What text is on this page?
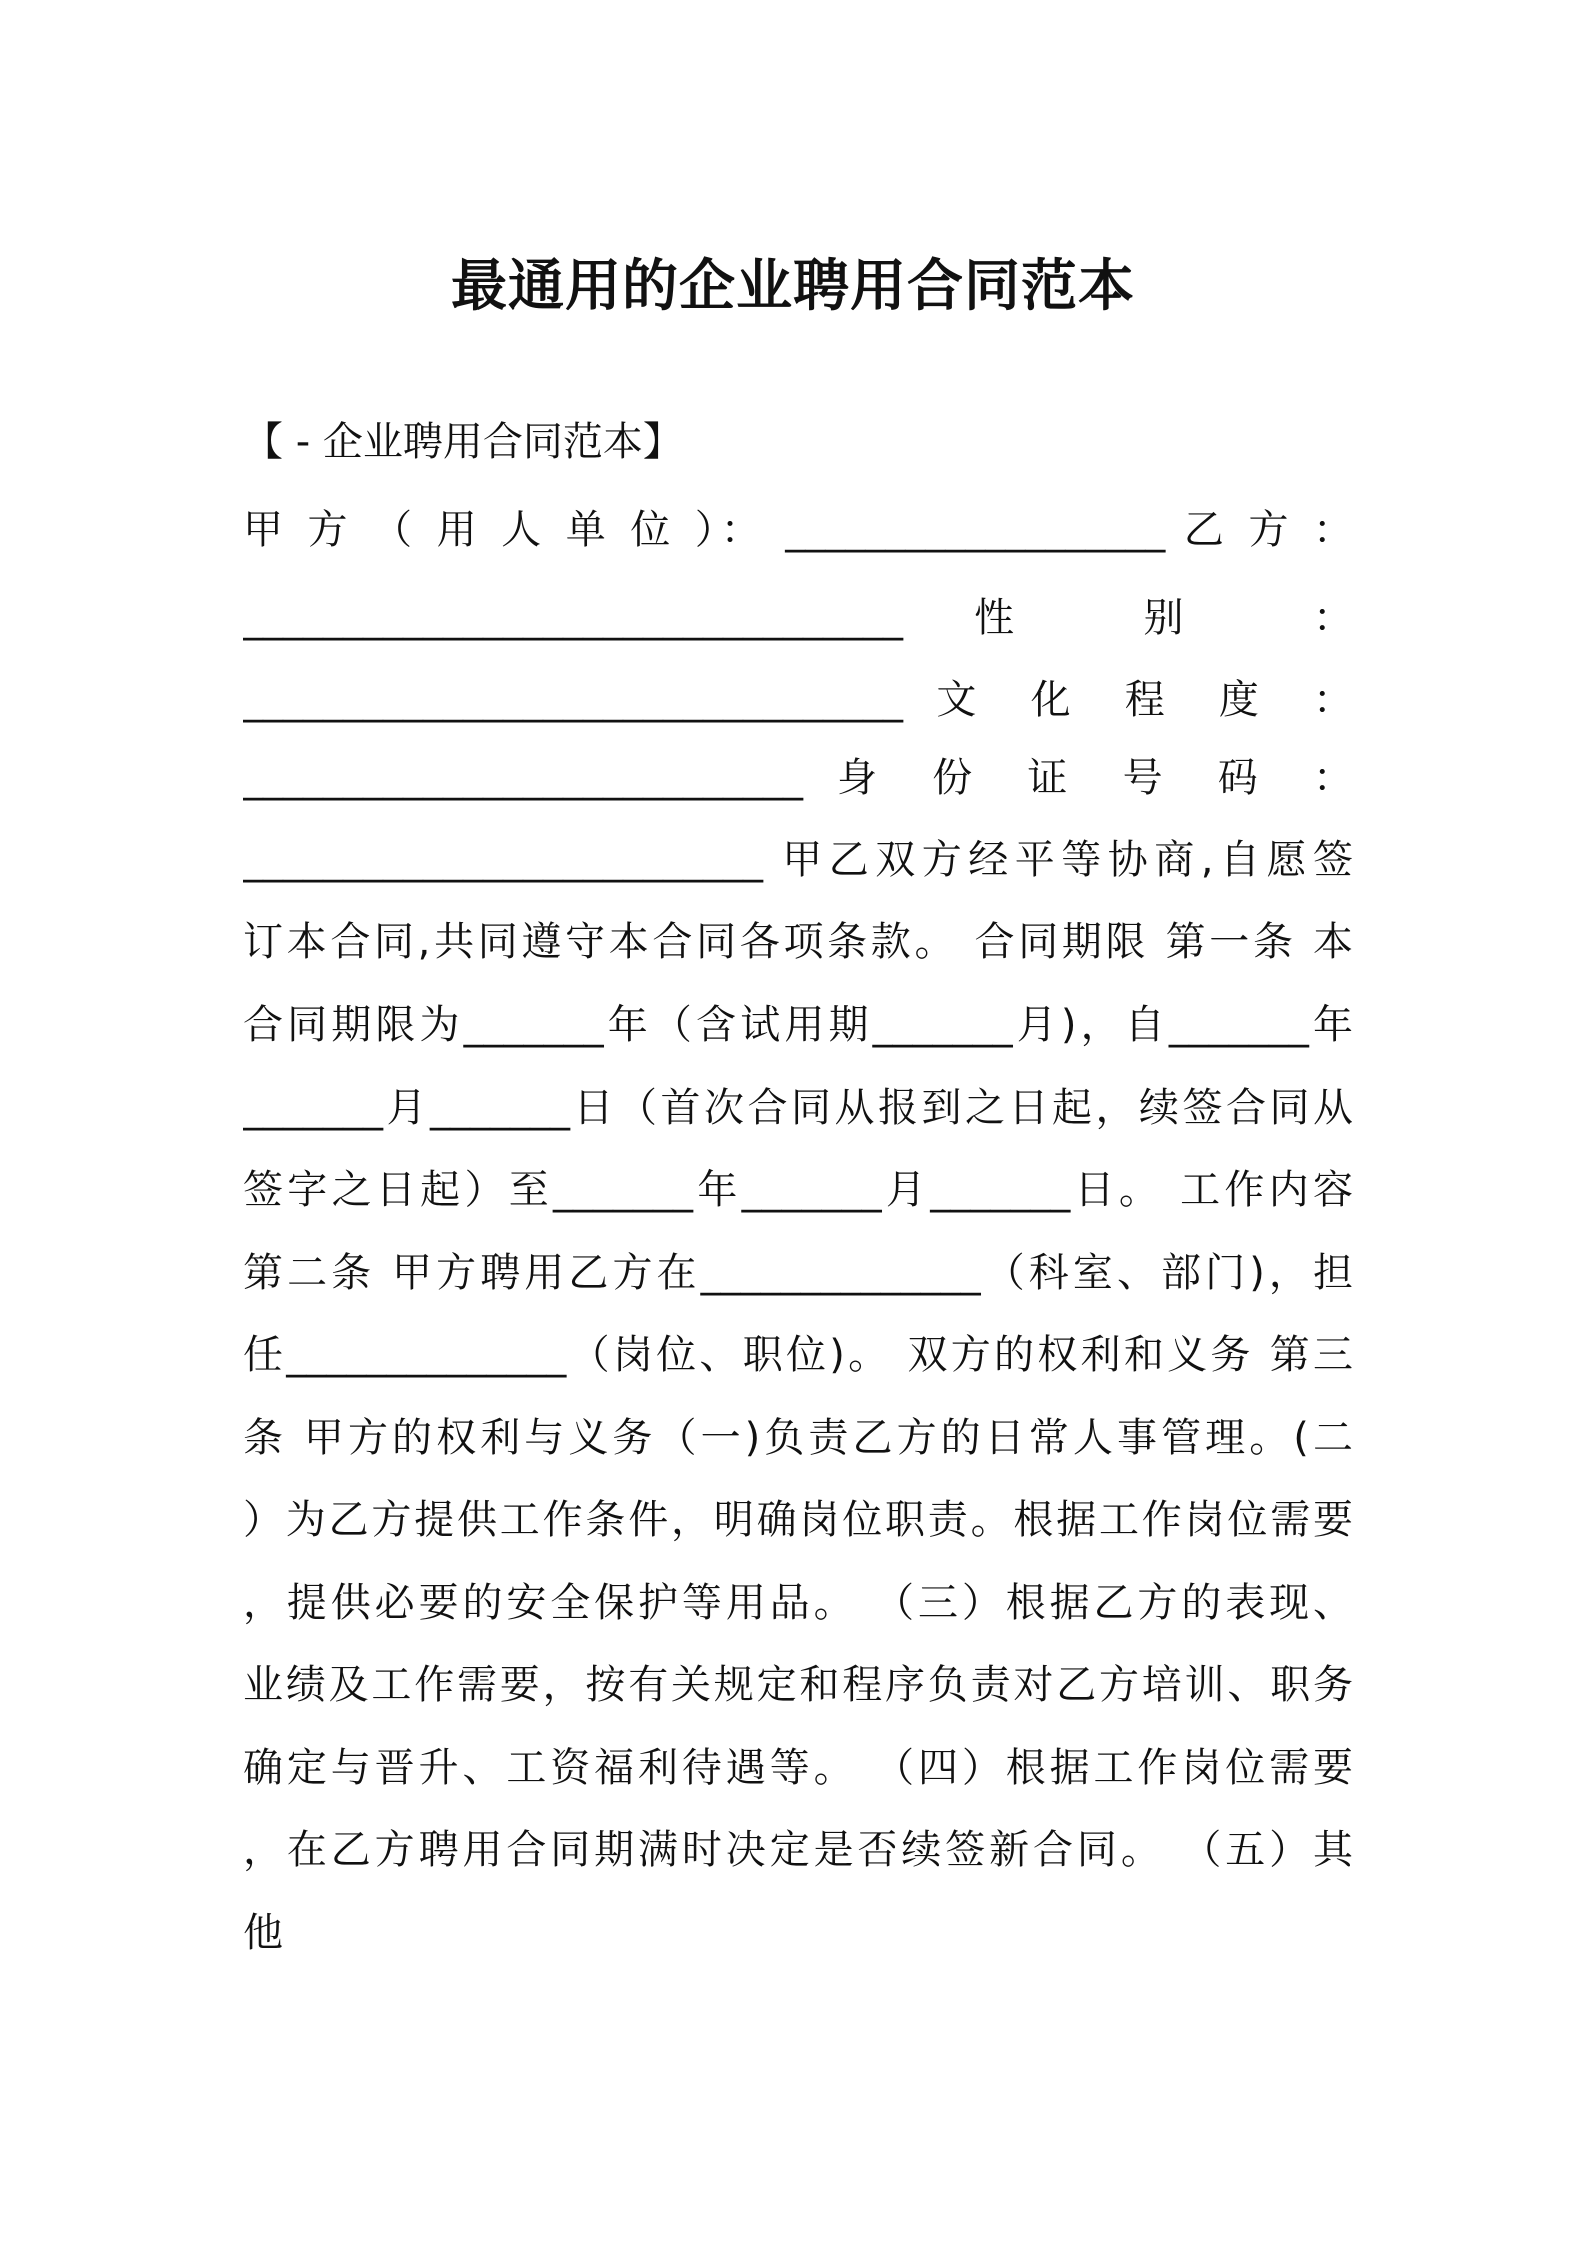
最通用的企业聘用合同范本
【 - 企业聘用合同范本】
甲 方 （ 用 人 单 位 ）： ___________________ 乙 方 ：
_________________________________ 性 别 ：
_________________________________ 文 化 程 度 ：
____________________________ 身 份 证 号 码 ：
__________________________ 甲乙双方经平等协商,自愿签
订本合同,共同遵守本合同各项条款。 合同期限 第一条 本
合同期限为_______年（含试用期_______月)，自_______年
_______月_______日（首次合同从报到之日起，续签合同从
签字之日起）至_______年_______月_______日。 工作内容
第二条 甲方聘用乙方在______________（科室、部门)，担
任______________（岗位、职位)。 双方的权利和义务 第三
条 甲方的权利与义务（一)负责乙方的日常人事管理。(二
）为乙方提供工作条件，明确岗位职责。根据工作岗位需要
，提供必要的安全保护等用品。 （三）根据乙方的表现、
业绩及工作需要，按有关规定和程序负责对乙方培训、职务
确定与晋升、工资福利待遇等。 （四）根据工作岗位需要
，在乙方聘用合同期满时决定是否续签新合同。 （五）其
他
